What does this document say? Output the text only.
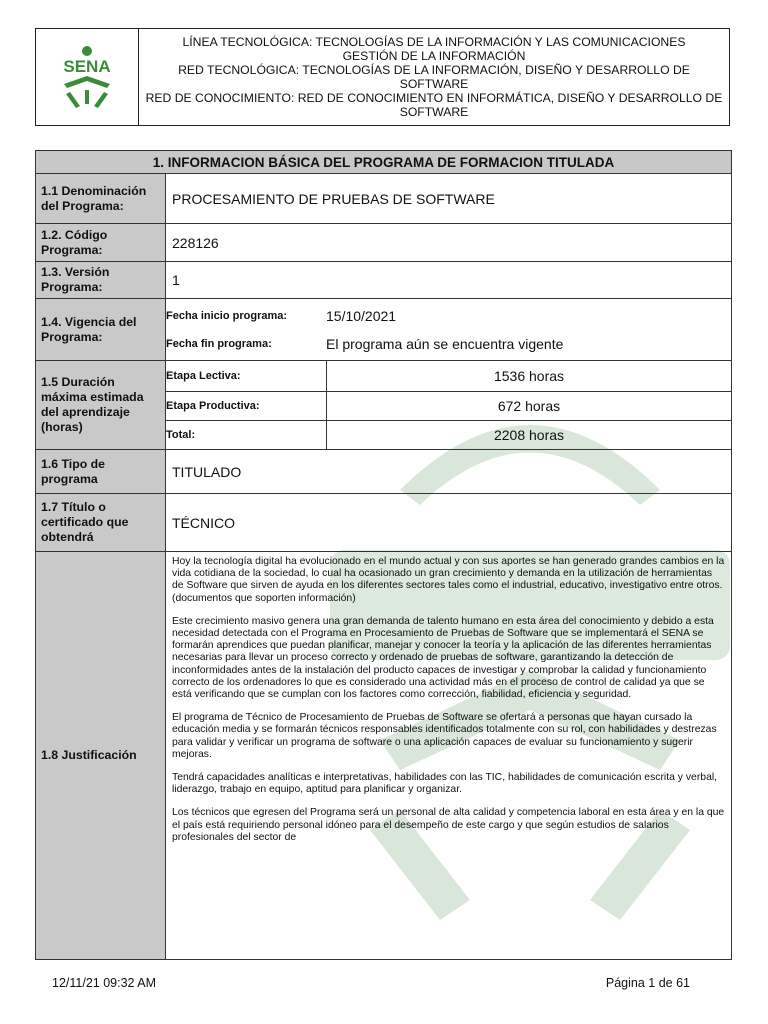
SENA

LÍNEA TECNOLÓGICA: TECNOLOGÍAS DE LA INFORMACIÓN Y LAS COMUNICACIONES

GESTIÓN DE LA INFORMACIÓN

RED TECNOLÓGICA: TECNOLOGÍAS DE LA INFORMACIÓN, DISEÑO Y DESARROLLO DE SOFTWARE

RED DE CONOCIMIENTO: RED DE CONOCIMIENTO EN INFORMÁTICA, DISEÑO Y DESARROLLO DE SOFTWARE

1. INFORMACION BÁSICA DEL PROGRAMA DE FORMACION TITULADA
1.1 Denominación del Programa:	PROCESAMIENTO DE PRUEBAS DE SOFTWARE
1.2. Código Programa:	228126
1.3. Versión Programa:	1
1.4. Vigencia del Programa:	
Fecha inicio programa:	15/10/2021
Fecha fin programa:	El programa aún se encuentra vigente

1.5 Duración máxima estimada del aprendizaje (horas)	
Etapa Lectiva:	1536 horas
Etapa Productiva:	672 horas
Total:	2208 horas

1.6 Tipo de programa	TITULADO
1.7 Título o certificado que obtendrá	TÉCNICO
1.8 Justificación	

Hoy la tecnología digital ha evolucionado en el mundo actual y con sus aportes se han generado grandes cambios en la vida cotidiana de la sociedad, lo cual ha ocasionado un gran crecimiento y demanda en la utilización de herramientas de Software que sirven de ayuda en los diferentes sectores tales como el industrial, educativo, investigativo entre otros. (documentos que soporten información)

Este crecimiento masivo genera una gran demanda de talento humano en esta área del conocimiento y debido a esta necesidad detectada con el Programa en Procesamiento de Pruebas de Software que se implementará el SENA se formarán aprendices que puedan planificar, manejar y conocer la teoría y la aplicación de las diferentes herramientas necesarias para llevar un proceso correcto y ordenado de pruebas de software, garantizando la detección de inconformidades antes de la instalación del producto capaces de investigar y comprobar la calidad y funcionamiento correcto de los ordenadores lo que es considerado una actividad más en el proceso de control de calidad ya que se está verificando que se cumplan con los factores como corrección, fiabilidad, eficiencia y seguridad.

El programa de Técnico de Procesamiento de Pruebas de Software se ofertará a personas que hayan cursado la educación media y se formarán técnicos responsables identificados totalmente con su rol, con habilidades y destrezas para validar y verificar un programa de software o una aplicación capaces de evaluar su funcionamiento y sugerir mejoras.

Tendrá capacidades analíticas e interpretativas, habilidades con las TIC, habilidades de comunicación escrita y verbal, liderazgo, trabajo en equipo, aptitud para planificar y organizar.

Los técnicos que egresen del Programa será un personal de alta calidad y competencia laboral en esta área y en la que el país está requiriendo personal idóneo para el desempeño de este cargo y que según estudios de salarios profesionales del sector de

12/11/21 09:32 AM	Página 1 de 61
